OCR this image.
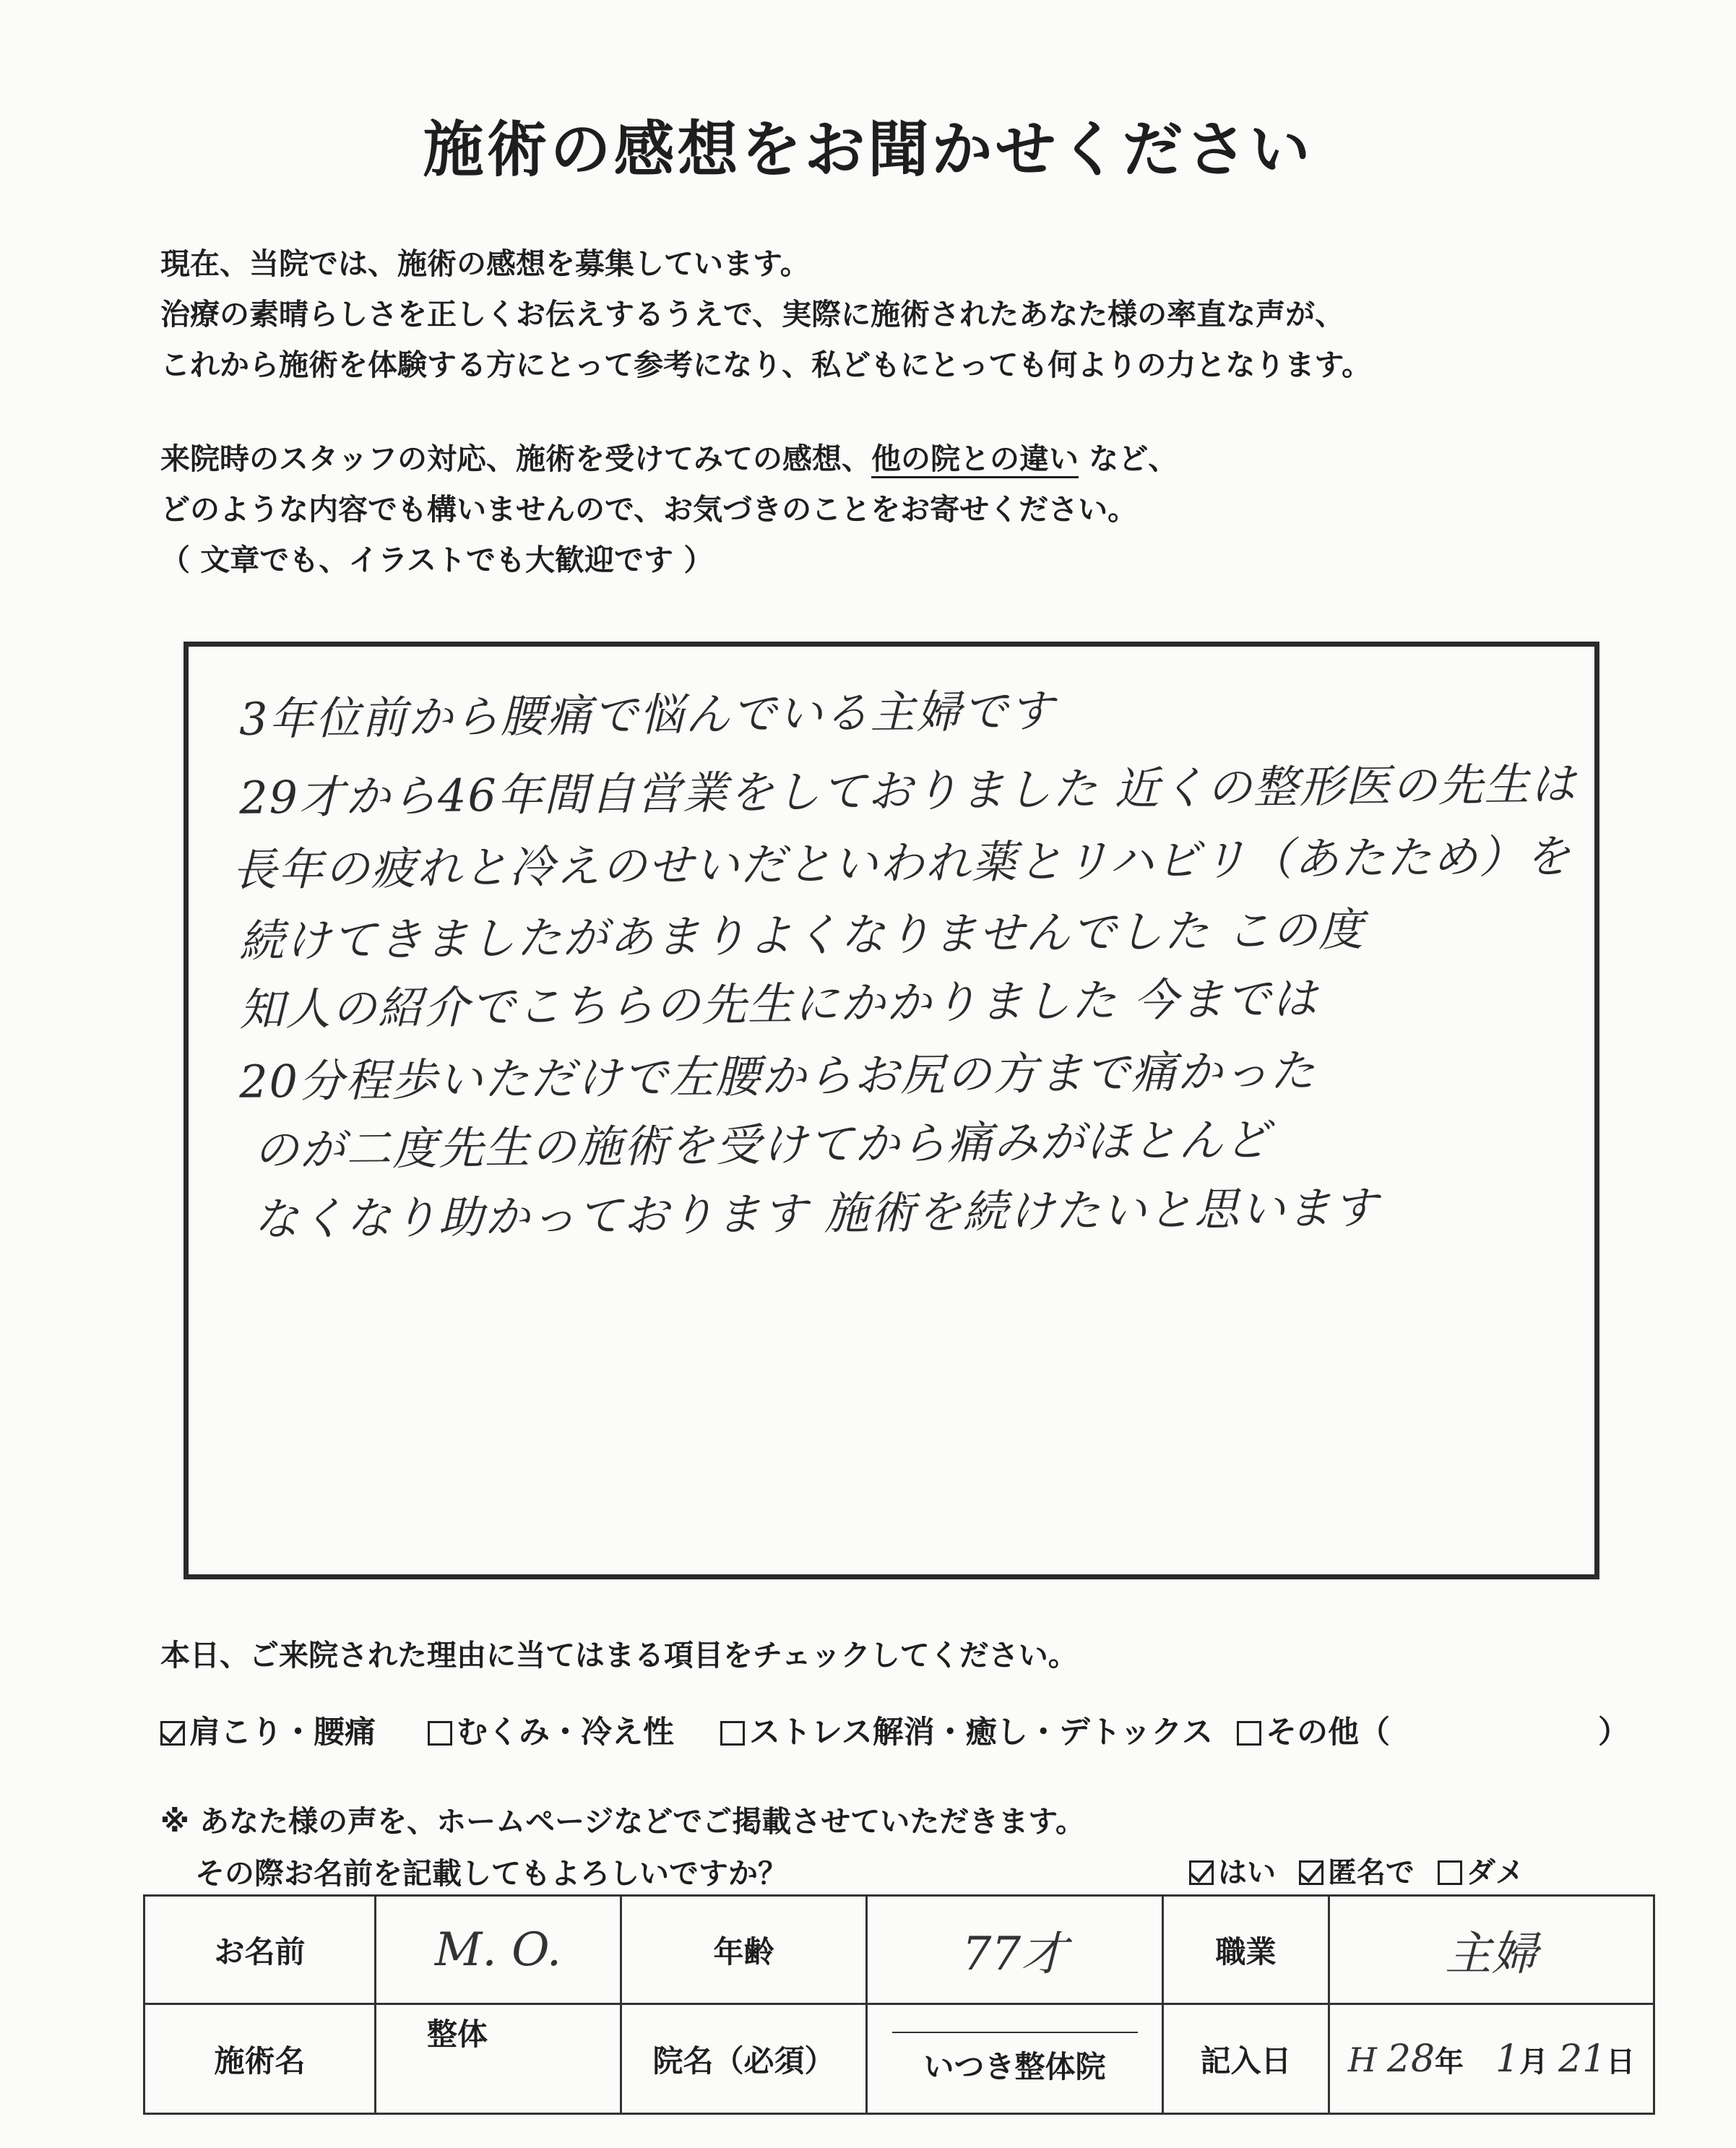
施術の感想をお聞かせください
現在、当院では、施術の感想を募集しています。
治療の素晴らしさを正しくお伝えするうえで、実際に施術されたあなた様の率直な声が、
これから施術を体験する方にとって参考になり、私どもにとっても何よりの力となります。
来院時のスタッフの対応、施術を受けてみての感想、他の院との違い など、
どのような内容でも構いませんので、お気づきのことをお寄せください。
（ 文章でも、イラストでも大歓迎です ）
3年位前から腰痛で悩んでいる主婦です
29才から46年間自営業をしておりました 近くの整形医の先生は
長年の疲れと冷えのせいだといわれ薬とリハビリ（あたため）を
続けてきましたがあまりよくなりませんでした この度
知人の紹介でこちらの先生にかかりました 今までは
20分程歩いただけで左腰からお尻の方まで痛かった
のが二度先生の施術を受けてから痛みがほとんど
なくなり助かっております 施術を続けたいと思います
本日、ご来院された理由に当てはまる項目をチェックしてください。
肩こり・腰痛	むくみ・冷え性	ストレス解消・癒し・デトックス	その他（	）
※ あなた様の声を、ホームページなどでご掲載させていただきます。
その際お名前を記載してもよろしいですか？	はい 匿名で ダメ
お名前	M. O.	年齢	77才	職業	主婦
施術名	整体	院名（必須）	いつき整体院	記入日	H 28年 1月 21日
